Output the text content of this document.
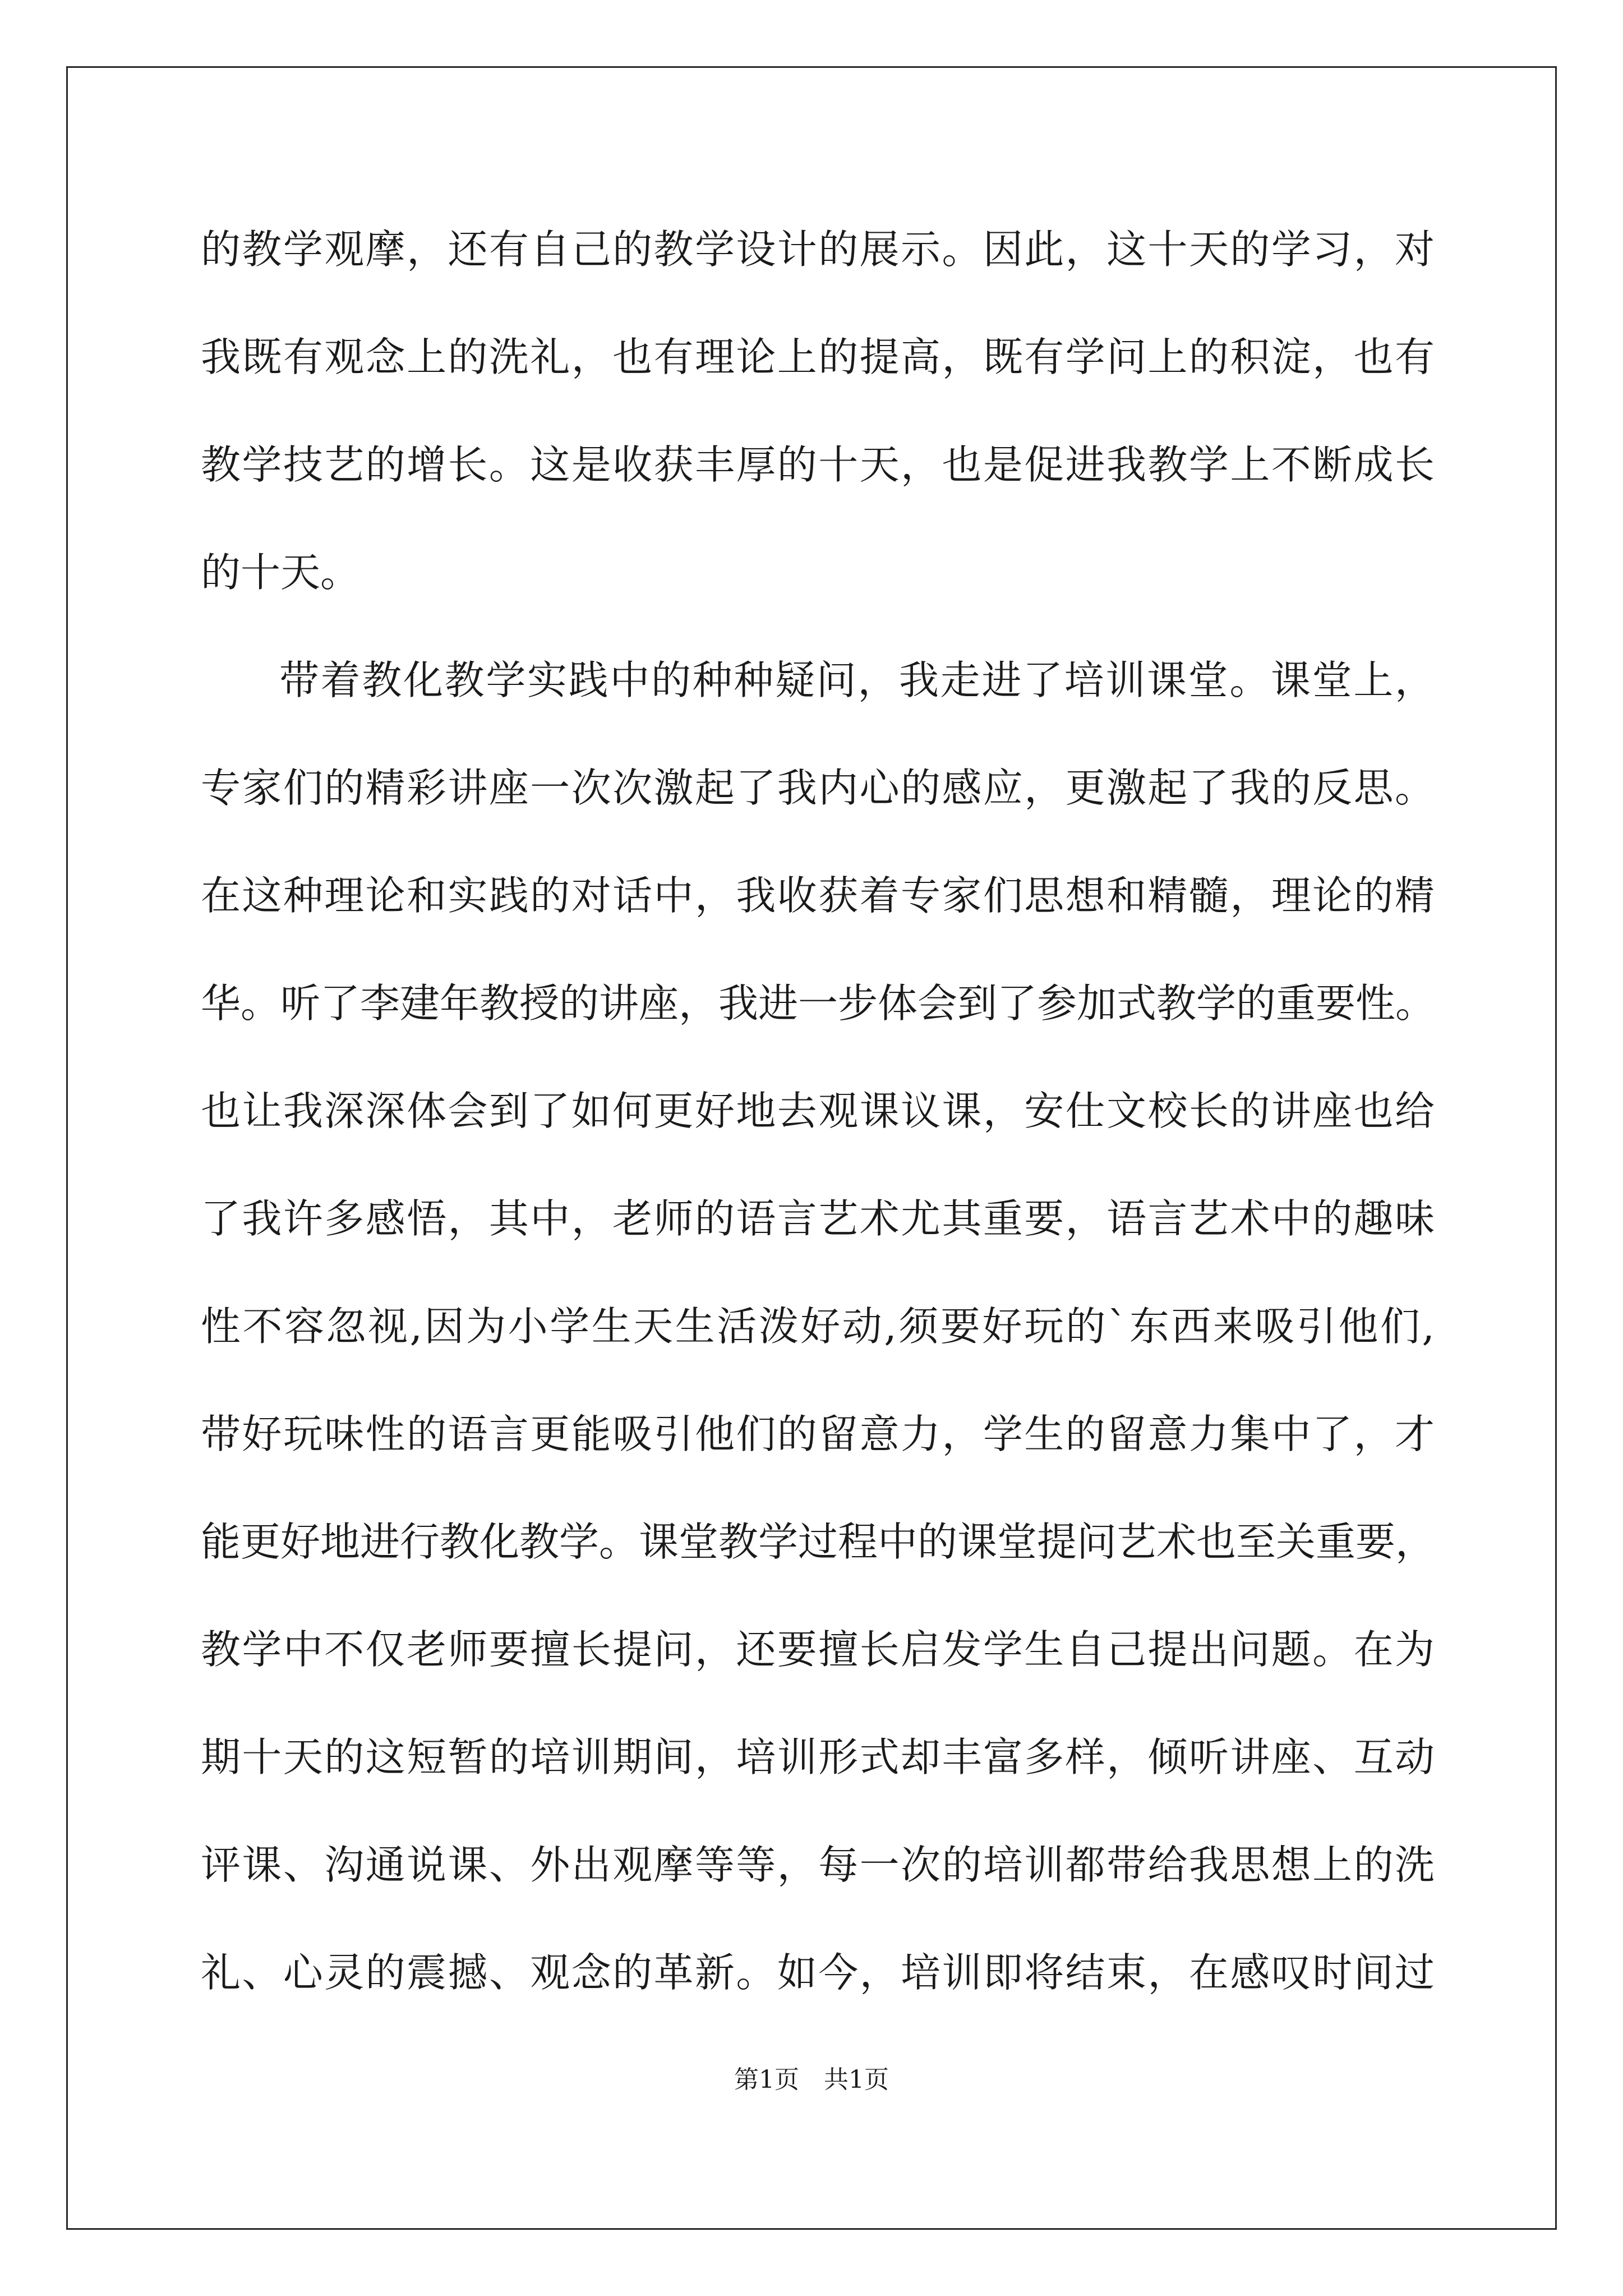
的教学观摩，还有自己的教学设计的展示。因此，这十天的学习，对
我既有观念上的洗礼，也有理论上的提高，既有学问上的积淀，也有
教学技艺的增长。这是收获丰厚的十天，也是促进我教学上不断成长
的十天。
带着教化教学实践中的种种疑问，我走进了培训课堂。课堂上，
专家们的精彩讲座一次次激起了我内心的感应，更激起了我的反思。
在这种理论和实践的对话中，我收获着专家们思想和精髓，理论的精
华。听了李建年教授的讲座，我进一步体会到了参加式教学的重要性。
也让我深深体会到了如何更好地去观课议课，安仕文校长的讲座也给
了我许多感悟，其中，老师的语言艺术尤其重要，语言艺术中的趣味
性不容忽视,因为小学生天生活泼好动,须要好玩的`东西来吸引他们,
带好玩味性的语言更能吸引他们的留意力，学生的留意力集中了，才
能更好地进行教化教学。课堂教学过程中的课堂提问艺术也至关重要，
教学中不仅老师要擅长提问，还要擅长启发学生自己提出问题。在为
期十天的这短暂的培训期间，培训形式却丰富多样，倾听讲座、互动
评课、沟通说课、外出观摩等等，每一次的培训都带给我思想上的洗
礼、心灵的震撼、观念的革新。如今，培训即将结束，在感叹时间过
第1页　共1页
